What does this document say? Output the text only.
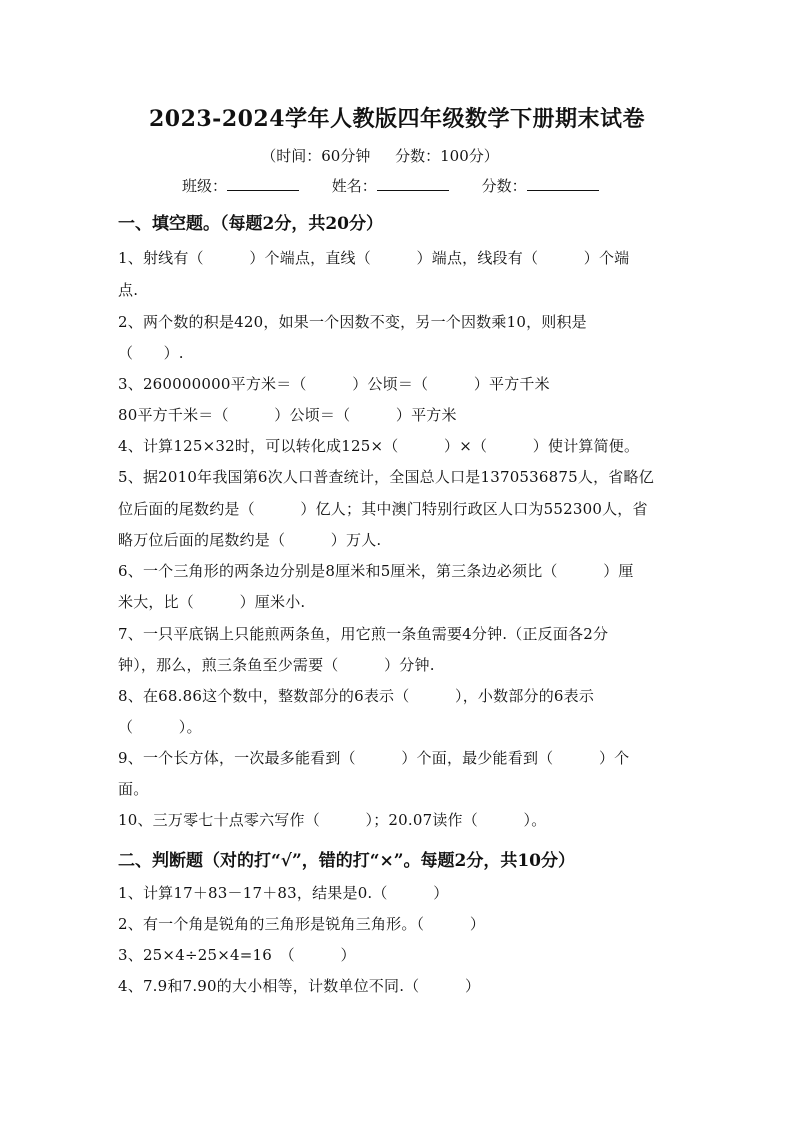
2023-2024学年人教版四年级数学下册期末试卷
（时间：60分钟 分数：100分）
班级：	姓名：	分数：
一、填空题。（每题2分，共20分）
1、射线有（　　　）个端点，直线（　　　）端点，线段有（　　　）个端
点.
2、两个数的积是420，如果一个因数不变，另一个因数乘10，则积是
（　　）.
3、260000000平方米＝（　　　）公顷＝（　　　）平方千米
80平方千米＝（　　　）公顷＝（　　　）平方米
4、计算125×32时，可以转化成125×（　　　）×（　　　）使计算简便。
5、据2010年我国第6次人口普查统计，全国总人口是1370536875人，省略亿
位后面的尾数约是（　　　）亿人；其中澳门特别行政区人口为552300人，省
略万位后面的尾数约是（　　　）万人.
6、一个三角形的两条边分别是8厘米和5厘米，第三条边必须比（　　　）厘
米大，比（　　　）厘米小.
7、一只平底锅上只能煎两条鱼，用它煎一条鱼需要4分钟.（正反面各2分
钟），那么，煎三条鱼至少需要（　　　）分钟.
8、在68.86这个数中，整数部分的6表示（　　　），小数部分的6表示
（　　　）。
9、一个长方体，一次最多能看到（　　　）个面，最少能看到（　　　）个
面。
10、三万零七十点零六写作（　　　）；20.07读作（　　　）。
二、判断题（对的打“√”，错的打“×”。每题2分，共10分）
1、计算17＋83－17＋83，结果是0.（　　　）
2、有一个角是锐角的三角形是锐角三角形。（　　　）
3、25×4÷25×4=16　（　　　）
4、7.9和7.90的大小相等，计数单位不同.（　　　）
